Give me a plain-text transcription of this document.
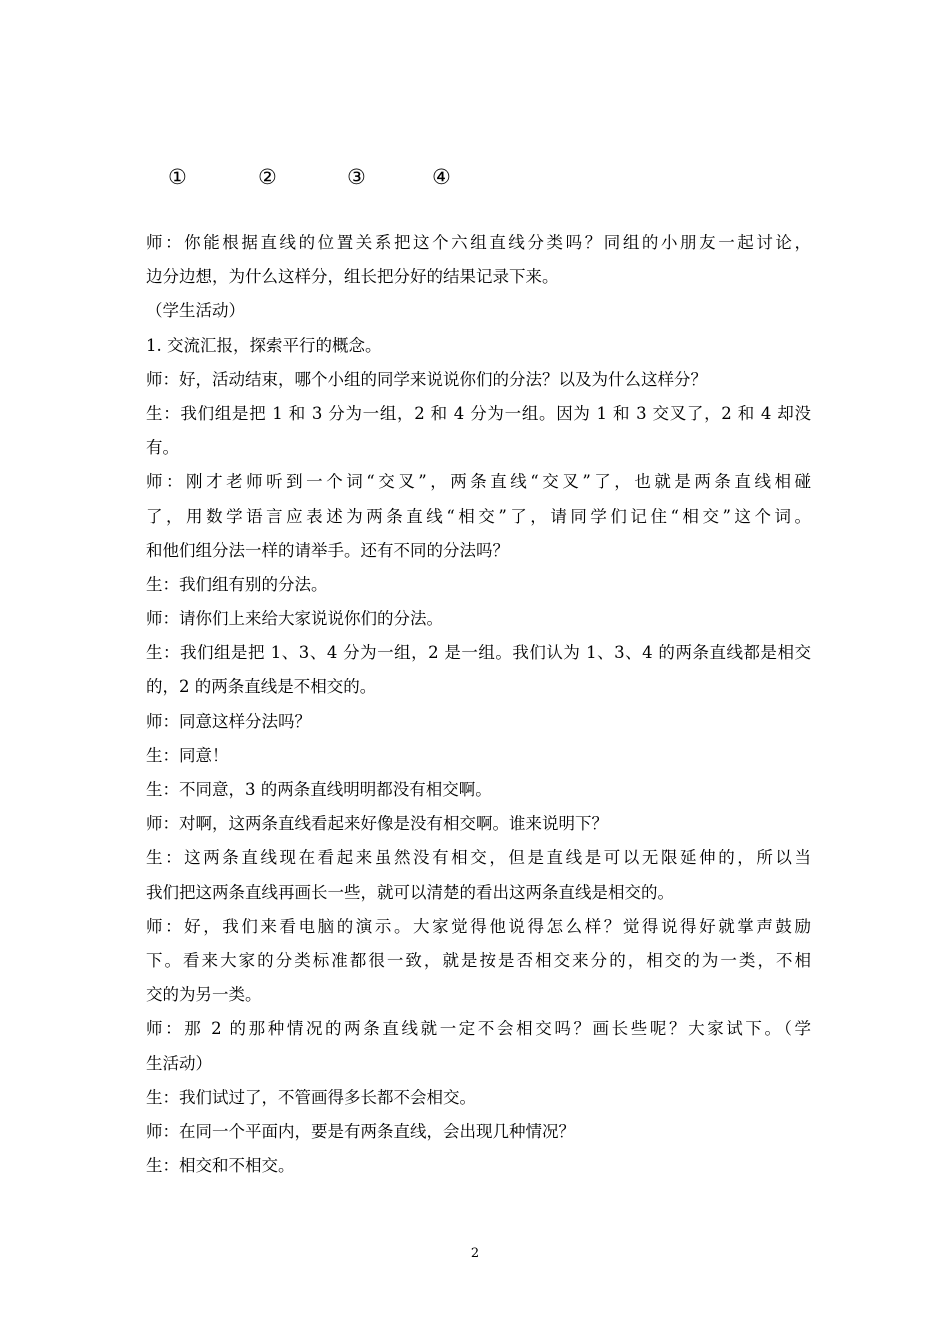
①	②	③	④
师：你能根据直线的位置关系把这个六组直线分类吗？同组的小朋友一起讨论，
边分边想，为什么这样分，组长把分好的结果记录下来。
（学生活动）
1. 交流汇报，探索平行的概念。
师：好，活动结束，哪个小组的同学来说说你们的分法？以及为什么这样分？
生：我们组是把 1 和 3 分为一组，2 和 4 分为一组。因为 1 和 3 交叉了，2 和 4 却没
有。
师：刚才老师听到一个词“交叉”，两条直线“交叉”了，也就是两条直线相碰
了，用数学语言应表述为两条直线“相交”了，请同学们记住“相交”这个词。
和他们组分法一样的请举手。还有不同的分法吗？
生：我们组有别的分法。
师：请你们上来给大家说说你们的分法。
生：我们组是把 1、3、4 分为一组，2 是一组。我们认为 1、3、4 的两条直线都是相交
的，2 的两条直线是不相交的。
师：同意这样分法吗？
生：同意！
生：不同意，3 的两条直线明明都没有相交啊。
师：对啊，这两条直线看起来好像是没有相交啊。谁来说明下？
生：这两条直线现在看起来虽然没有相交，但是直线是可以无限延伸的，所以当
我们把这两条直线再画长一些，就可以清楚的看出这两条直线是相交的。
师：好，我们来看电脑的演示。大家觉得他说得怎么样？觉得说得好就掌声鼓励
下。看来大家的分类标准都很一致，就是按是否相交来分的，相交的为一类，不相
交的为另一类。
师：那 2 的那种情况的两条直线就一定不会相交吗？画长些呢？大家试下。（学
生活动）
生：我们试过了，不管画得多长都不会相交。
师：在同一个平面内，要是有两条直线，会出现几种情况？
生：相交和不相交。
2
